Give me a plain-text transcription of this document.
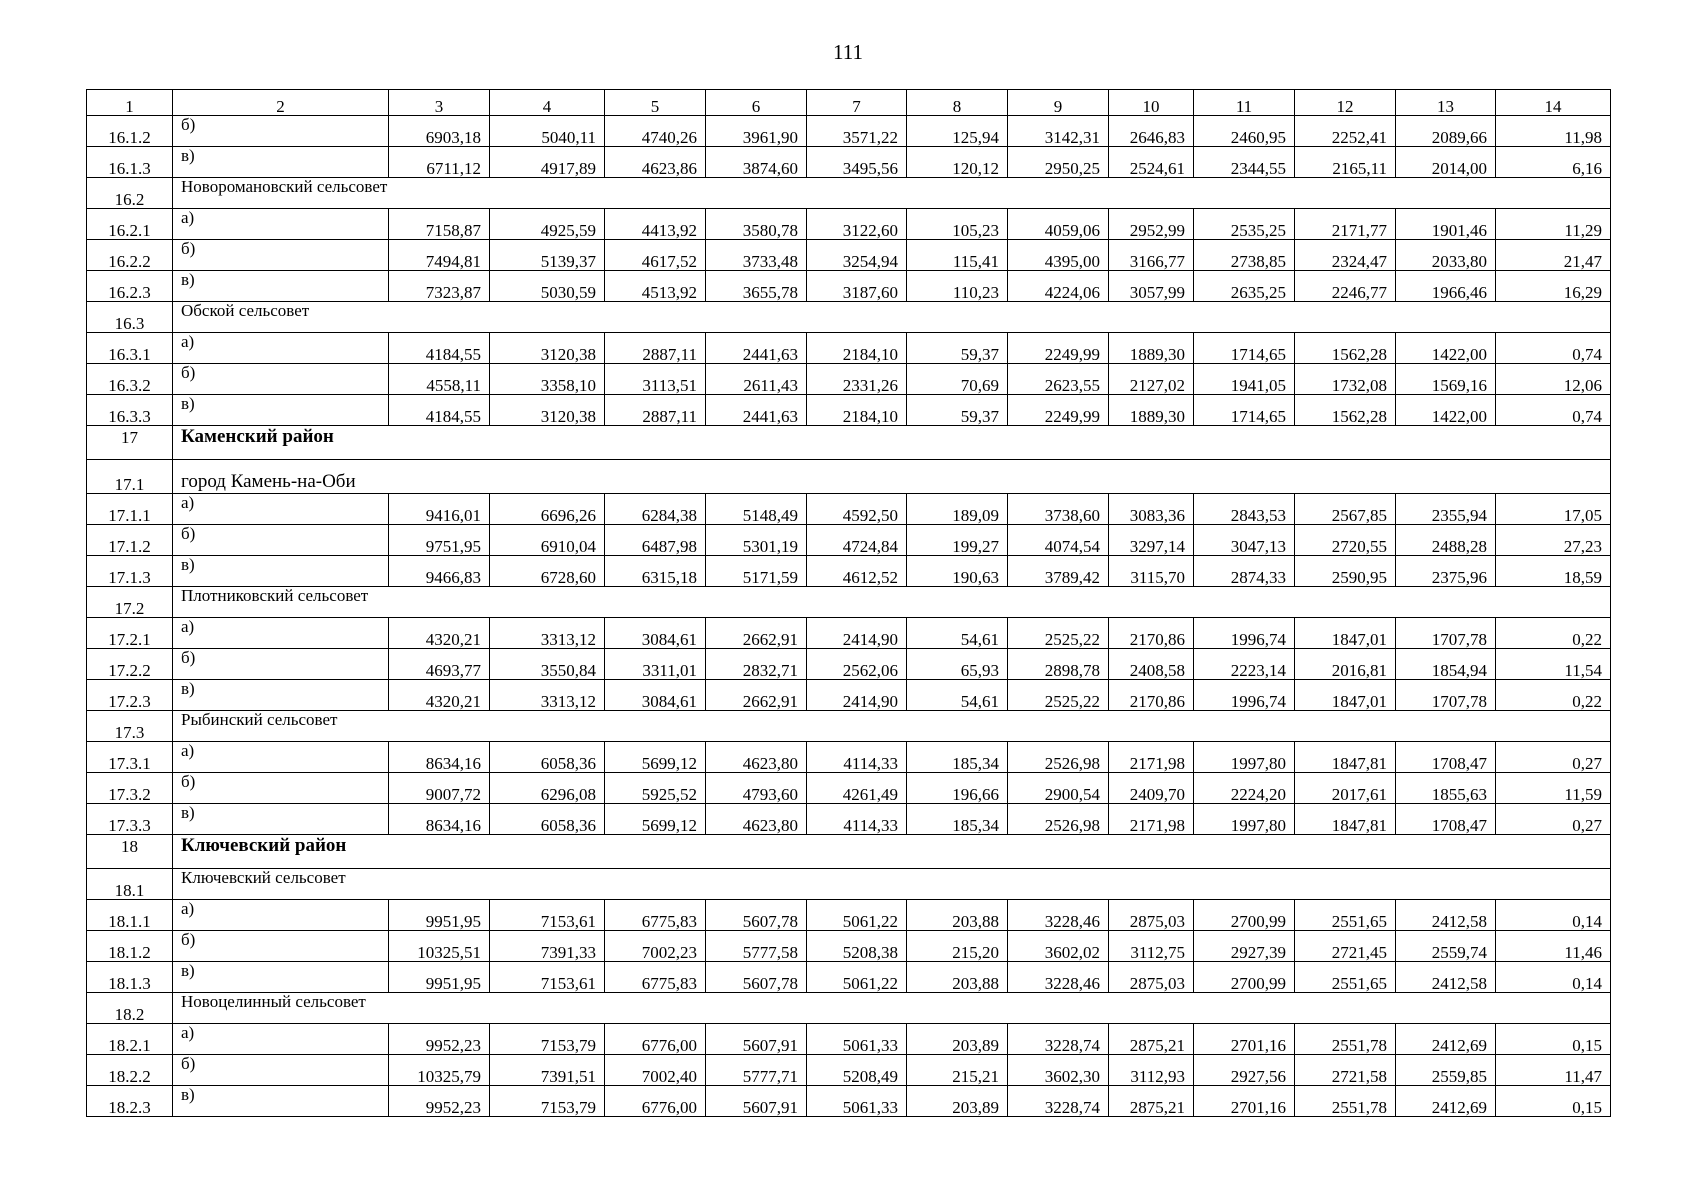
111
1	2	3	4	5	6	7	8	9	10	11	12	13	14
16.1.2	б)	6903,18	5040,11	4740,26	3961,90	3571,22	125,94	3142,31	2646,83	2460,95	2252,41	2089,66	11,98
16.1.3	в)	6711,12	4917,89	4623,86	3874,60	3495,56	120,12	2950,25	2524,61	2344,55	2165,11	2014,00	6,16
16.2	Новоромановский сельсовет												
16.2.1	а)	7158,87	4925,59	4413,92	3580,78	3122,60	105,23	4059,06	2952,99	2535,25	2171,77	1901,46	11,29
16.2.2	б)	7494,81	5139,37	4617,52	3733,48	3254,94	115,41	4395,00	3166,77	2738,85	2324,47	2033,80	21,47
16.2.3	в)	7323,87	5030,59	4513,92	3655,78	3187,60	110,23	4224,06	3057,99	2635,25	2246,77	1966,46	16,29
16.3	Обской сельсовет												
16.3.1	а)	4184,55	3120,38	2887,11	2441,63	2184,10	59,37	2249,99	1889,30	1714,65	1562,28	1422,00	0,74
16.3.2	б)	4558,11	3358,10	3113,51	2611,43	2331,26	70,69	2623,55	2127,02	1941,05	1732,08	1569,16	12,06
16.3.3	в)	4184,55	3120,38	2887,11	2441,63	2184,10	59,37	2249,99	1889,30	1714,65	1562,28	1422,00	0,74
17	Каменский район												
17.1	город Камень-на-Оби												
17.1.1	а)	9416,01	6696,26	6284,38	5148,49	4592,50	189,09	3738,60	3083,36	2843,53	2567,85	2355,94	17,05
17.1.2	б)	9751,95	6910,04	6487,98	5301,19	4724,84	199,27	4074,54	3297,14	3047,13	2720,55	2488,28	27,23
17.1.3	в)	9466,83	6728,60	6315,18	5171,59	4612,52	190,63	3789,42	3115,70	2874,33	2590,95	2375,96	18,59
17.2	Плотниковский сельсовет												
17.2.1	а)	4320,21	3313,12	3084,61	2662,91	2414,90	54,61	2525,22	2170,86	1996,74	1847,01	1707,78	0,22
17.2.2	б)	4693,77	3550,84	3311,01	2832,71	2562,06	65,93	2898,78	2408,58	2223,14	2016,81	1854,94	11,54
17.2.3	в)	4320,21	3313,12	3084,61	2662,91	2414,90	54,61	2525,22	2170,86	1996,74	1847,01	1707,78	0,22
17.3	Рыбинский сельсовет												
17.3.1	а)	8634,16	6058,36	5699,12	4623,80	4114,33	185,34	2526,98	2171,98	1997,80	1847,81	1708,47	0,27
17.3.2	б)	9007,72	6296,08	5925,52	4793,60	4261,49	196,66	2900,54	2409,70	2224,20	2017,61	1855,63	11,59
17.3.3	в)	8634,16	6058,36	5699,12	4623,80	4114,33	185,34	2526,98	2171,98	1997,80	1847,81	1708,47	0,27
18	Ключевский район												
18.1	Ключевский сельсовет												
18.1.1	а)	9951,95	7153,61	6775,83	5607,78	5061,22	203,88	3228,46	2875,03	2700,99	2551,65	2412,58	0,14
18.1.2	б)	10325,51	7391,33	7002,23	5777,58	5208,38	215,20	3602,02	3112,75	2927,39	2721,45	2559,74	11,46
18.1.3	в)	9951,95	7153,61	6775,83	5607,78	5061,22	203,88	3228,46	2875,03	2700,99	2551,65	2412,58	0,14
18.2	Новоцелинный сельсовет												
18.2.1	а)	9952,23	7153,79	6776,00	5607,91	5061,33	203,89	3228,74	2875,21	2701,16	2551,78	2412,69	0,15
18.2.2	б)	10325,79	7391,51	7002,40	5777,71	5208,49	215,21	3602,30	3112,93	2927,56	2721,58	2559,85	11,47
18.2.3	в)	9952,23	7153,79	6776,00	5607,91	5061,33	203,89	3228,74	2875,21	2701,16	2551,78	2412,69	0,15
